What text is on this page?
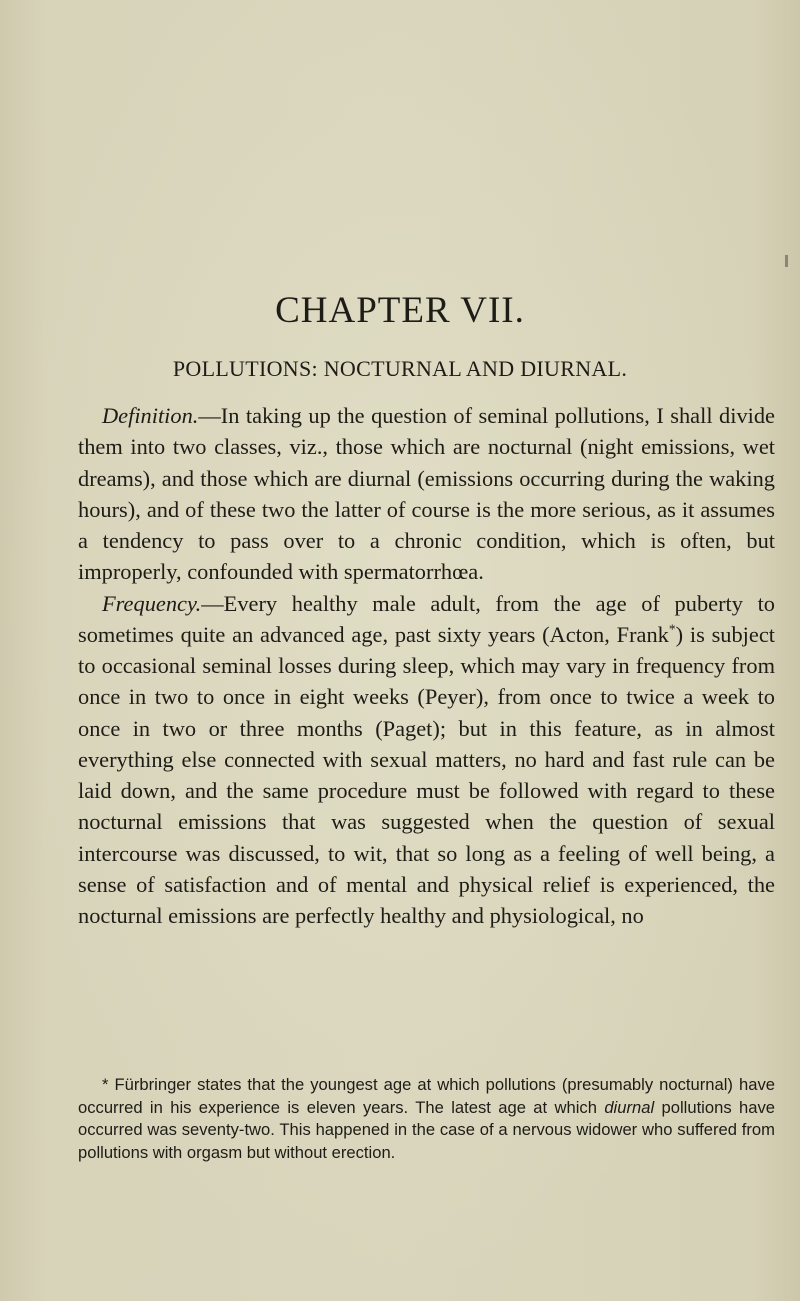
CHAPTER VII.
POLLUTIONS: NOCTURNAL AND DIURNAL.

Definition.—In taking up the question of seminal pollutions, I shall divide them into two classes, viz., those which are nocturnal (night emissions, wet dreams), and those which are diurnal (emissions occurring during the waking hours), and of these two the latter of course is the more serious, as it assumes a tendency to pass over to a chronic condition, which is often, but improperly, confounded with spermatorrhœa.

Frequency.—Every healthy male adult, from the age of puberty to sometimes quite an advanced age, past sixty years (Acton, Frank*) is subject to occasional seminal losses during sleep, which may vary in frequency from once in two to once in eight weeks (Peyer), from once to twice a week to once in two or three months (Paget); but in this feature, as in almost everything else connected with sexual matters, no hard and fast rule can be laid down, and the same procedure must be followed with regard to these nocturnal emissions that was suggested when the question of sexual intercourse was discussed, to wit, that so long as a feeling of well being, a sense of satisfaction and of mental and physical relief is experienced, the nocturnal emissions are perfectly healthy and physiological, no

* Fürbringer states that the youngest age at which pollutions (presumably nocturnal) have occurred in his experience is eleven years. The latest age at which diurnal pollutions have occurred was seventy-two. This happened in the case of a nervous widower who suffered from pollutions with orgasm but without erection.
